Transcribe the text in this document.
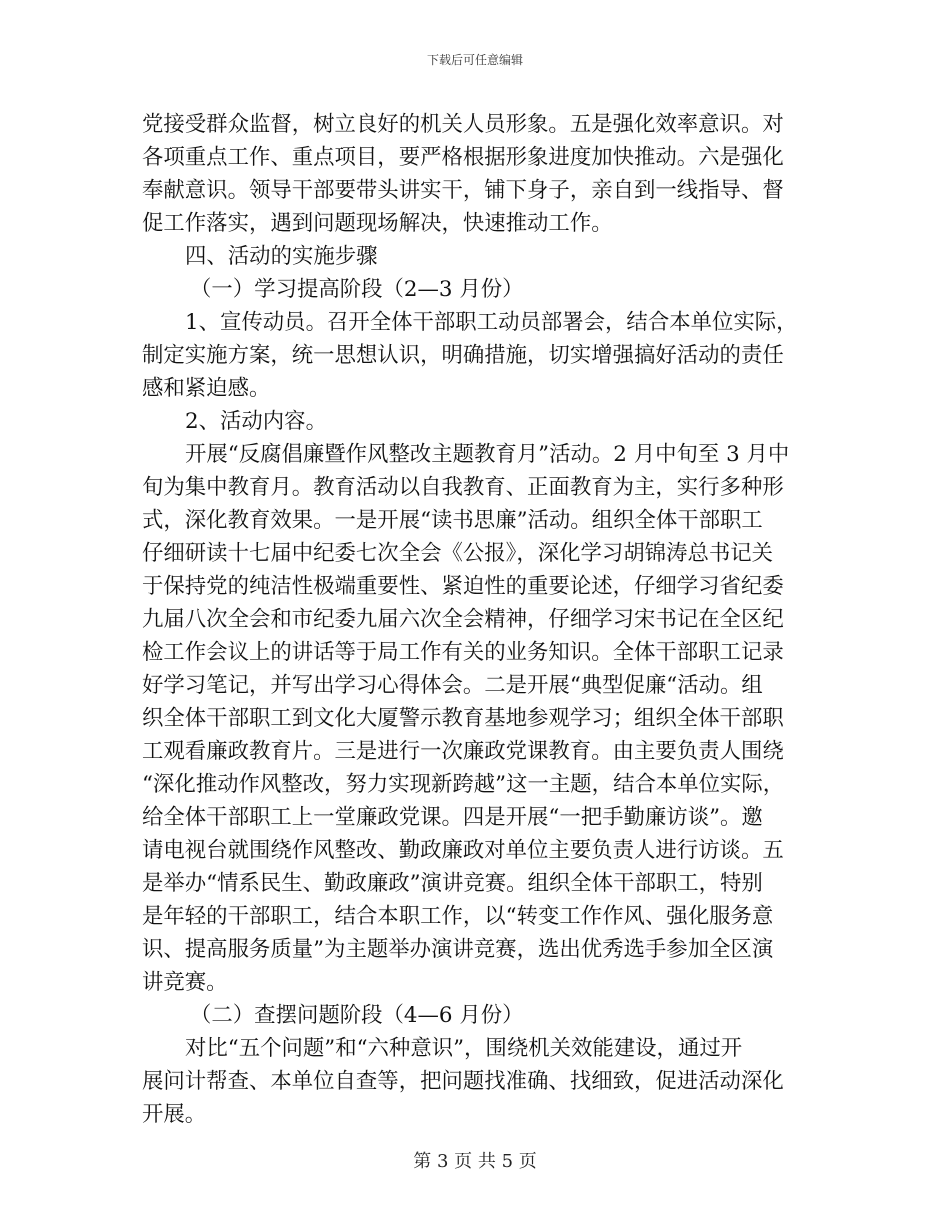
下载后可任意编辑
党接受群众监督，树立良好的机关人员形象。五是强化效率意识。对
各项重点工作、重点项目，要严格根据形象进度加快推动。六是强化
奉献意识。领导干部要带头讲实干，铺下身子，亲自到一线指导、督
促工作落实，遇到问题现场解决，快速推动工作。
四、活动的实施步骤
（一）学习提高阶段（2—3 月份）
1、宣传动员。召开全体干部职工动员部署会，结合本单位实际，
制定实施方案，统一思想认识，明确措施，切实增强搞好活动的责任
感和紧迫感。
2、活动内容。
开展“反腐倡廉暨作风整改主题教育月”活动。2 月中旬至 3 月中
旬为集中教育月。教育活动以自我教育、正面教育为主，实行多种形
式，深化教育效果。一是开展“读书思廉”活动。组织全体干部职工
仔细研读十七届中纪委七次全会《公报》，深化学习胡锦涛总书记关
于保持党的纯洁性极端重要性、紧迫性的重要论述，仔细学习省纪委
九届八次全会和市纪委九届六次全会精神，仔细学习宋书记在全区纪
检工作会议上的讲话等于局工作有关的业务知识。全体干部职工记录
好学习笔记，并写出学习心得体会。二是开展“典型促廉“活动。组
织全体干部职工到文化大厦警示教育基地参观学习；组织全体干部职
工观看廉政教育片。三是进行一次廉政党课教育。由主要负责人围绕
“深化推动作风整改，努力实现新跨越”这一主题，结合本单位实际，
给全体干部职工上一堂廉政党课。四是开展“一把手勤廉访谈”。邀
请电视台就围绕作风整改、勤政廉政对单位主要负责人进行访谈。五
是举办“情系民生、勤政廉政”演讲竞赛。组织全体干部职工，特别
是年轻的干部职工，结合本职工作，以“转变工作作风、强化服务意
识、提高服务质量”为主题举办演讲竞赛，选出优秀选手参加全区演
讲竞赛。
（二）查摆问题阶段（4—6 月份）
对比“五个问题”和“六种意识”，围绕机关效能建设，通过开
展问计帮查、本单位自查等，把问题找准确、找细致，促进活动深化
开展。
第 3 页 共 5 页
